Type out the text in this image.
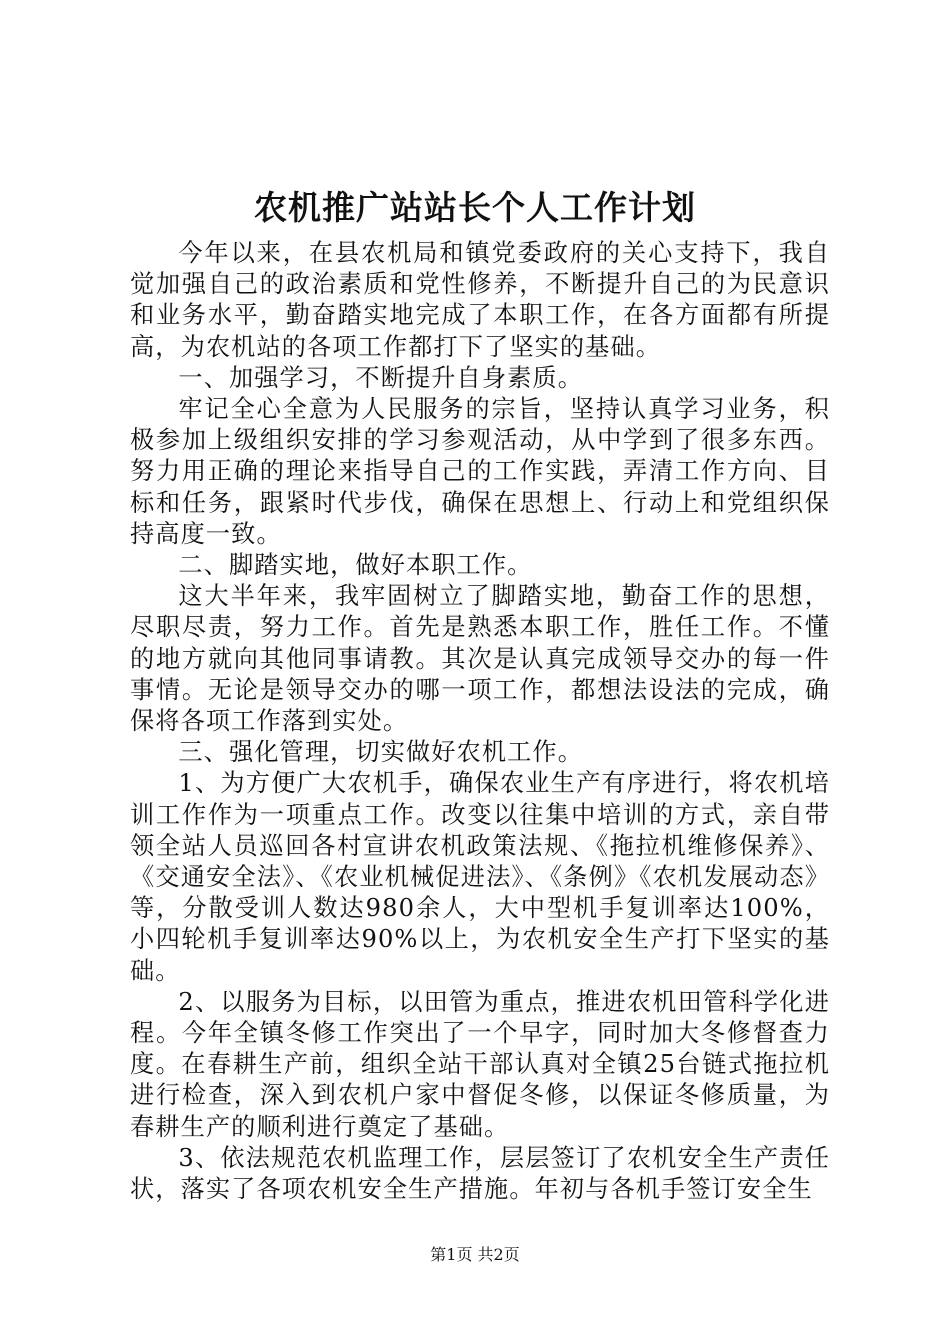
农机推广站站长个人工作计划

今年以来，在县农机局和镇党委政府的关心支持下，我自觉加强自己的政治素质和党性修养，不断提升自己的为民意识和业务水平，勤奋踏实地完成了本职工作，在各方面都有所提高，为农机站的各项工作都打下了坚实的基础。

一、加强学习，不断提升自身素质。

牢记全心全意为人民服务的宗旨，坚持认真学习业务，积极参加上级组织安排的学习参观活动，从中学到了很多东西。努力用正确的理论来指导自己的工作实践，弄清工作方向、目标和任务，跟紧时代步伐，确保在思想上、行动上和党组织保持高度一致。

二、脚踏实地，做好本职工作。

这大半年来，我牢固树立了脚踏实地，勤奋工作的思想，尽职尽责，努力工作。首先是熟悉本职工作，胜任工作。不懂的地方就向其他同事请教。其次是认真完成领导交办的每一件事情。无论是领导交办的哪一项工作，都想法设法的完成，确保将各项工作落到实处。

三、强化管理，切实做好农机工作。

1、为方便广大农机手，确保农业生产有序进行，将农机培训工作作为一项重点工作。改变以往集中培训的方式，亲自带领全站人员巡回各村宣讲农机政策法规、《拖拉机维修保养》、《交通安全法》、《农业机械促进法》、《条例》《农机发展动态》等，分散受训人数达980余人，大中型机手复训率达100%，小四轮机手复训率达90%以上，为农机安全生产打下坚实的基础。

2、以服务为目标，以田管为重点，推进农机田管科学化进程。今年全镇冬修工作突出了一个早字，同时加大冬修督查力度。在春耕生产前，组织全站干部认真对全镇25台链式拖拉机进行检查，深入到农机户家中督促冬修，以保证冬修质量，为春耕生产的顺利进行奠定了基础。

3、依法规范农机监理工作，层层签订了农机安全生产责任状，落实了各项农机安全生产措施。年初与各机手签订安全生

第1页 共2页
